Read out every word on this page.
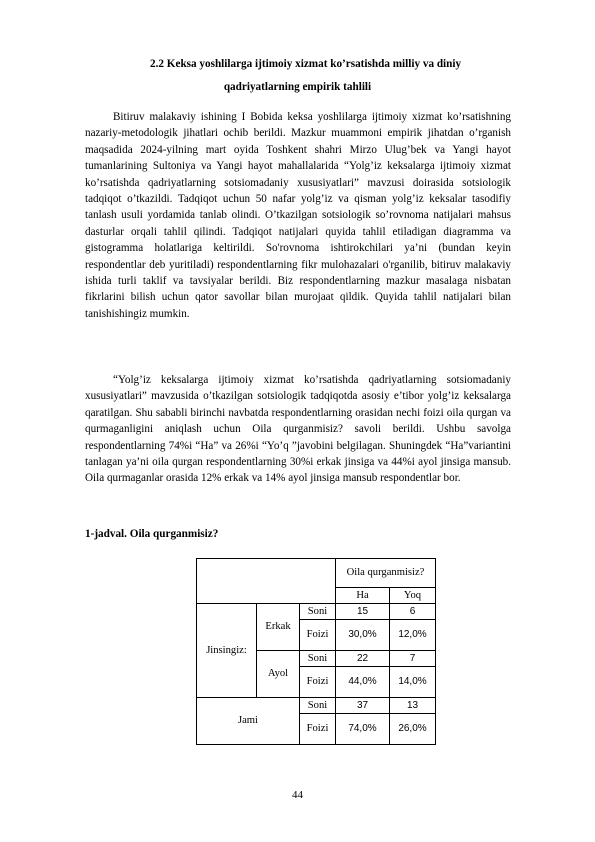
2.2 Keksa yoshlilarga ijtimoiy xizmat ko’rsatishda milliy va diniy
qadriyatlarning empirik tahlili

Bitiruv malakaviy ishining I Bobida keksa yoshlilarga ijtimoiy xizmat ko’rsatishning nazariy-metodologik jihatlari ochib berildi. Mazkur muammoni empirik jihatdan o’rganish maqsadida 2024-yilning mart oyida Toshkent shahri Mirzo Ulug’bek va Yangi hayot tumanlarining Sultoniya va Yangi hayot mahallalarida “Yolg’iz keksalarga ijtimoiy xizmat ko’rsatishda qadriyatlarning sotsiomadaniy xususiyatlari” mavzusi doirasida sotsiologik tadqiqot o’tkazildi. Tadqiqot uchun 50 nafar yolg’iz va qisman yolg’iz keksalar tasodifiy tanlash usuli yordamida tanlab olindi. O’tkazilgan sotsiologik so’rovnoma natijalari mahsus dasturlar orqali tahlil qilindi. Tadqiqot natijalari quyida tahlil etiladigan diagramma va gistogramma holatlariga keltirildi. So'rovnoma ishtirokchilari ya’ni (bundan keyin respondentlar deb yuritiladi) respondentlarning fikr mulohazalari o'rganilib, bitiruv malakaviy ishida turli taklif va tavsiyalar berildi. Biz respondentlarning mazkur masalaga nisbatan fikrlarini bilish uchun qator savollar bilan murojaat qildik. Quyida tahlil natijalari bilan tanishishingiz mumkin.

“Yolg’iz keksalarga ijtimoiy xizmat ko’rsatishda qadriyatlarning sotsiomadaniy xususiyatlari” mavzusida o’tkazilgan sotsiologik tadqiqotda asosiy e’tibor yolg’iz keksalarga qaratilgan. Shu sababli birinchi navbatda respondentlarning orasidan nechi foizi oila qurgan va qurmaganligini aniqlash uchun Oila qurganmisiz? savoli berildi. Ushbu savolga respondentlarning 74%i “Ha” va 26%i “Yo’q ”javobini belgilagan. Shuningdek “Ha”variantini tanlagan ya’ni oila qurgan respondentlarning 30%i erkak jinsiga va 44%i ayol jinsiga mansub. Oila qurmaganlar orasida 12% erkak va 14% ayol jinsiga mansub respondentlar bor.

1-jadval. Oila qurganmisiz?
			Oila qurganmisiz?	
			Ha	Yoq
Jinsingiz:	Erkak	Soni	15	6
		Foizi	30,0%	12,0%
	Ayol	Soni	22	7
		Foizi	44,0%	14,0%
Jami		Soni	37	13
		Foizi	74,0%	26,0%
44
